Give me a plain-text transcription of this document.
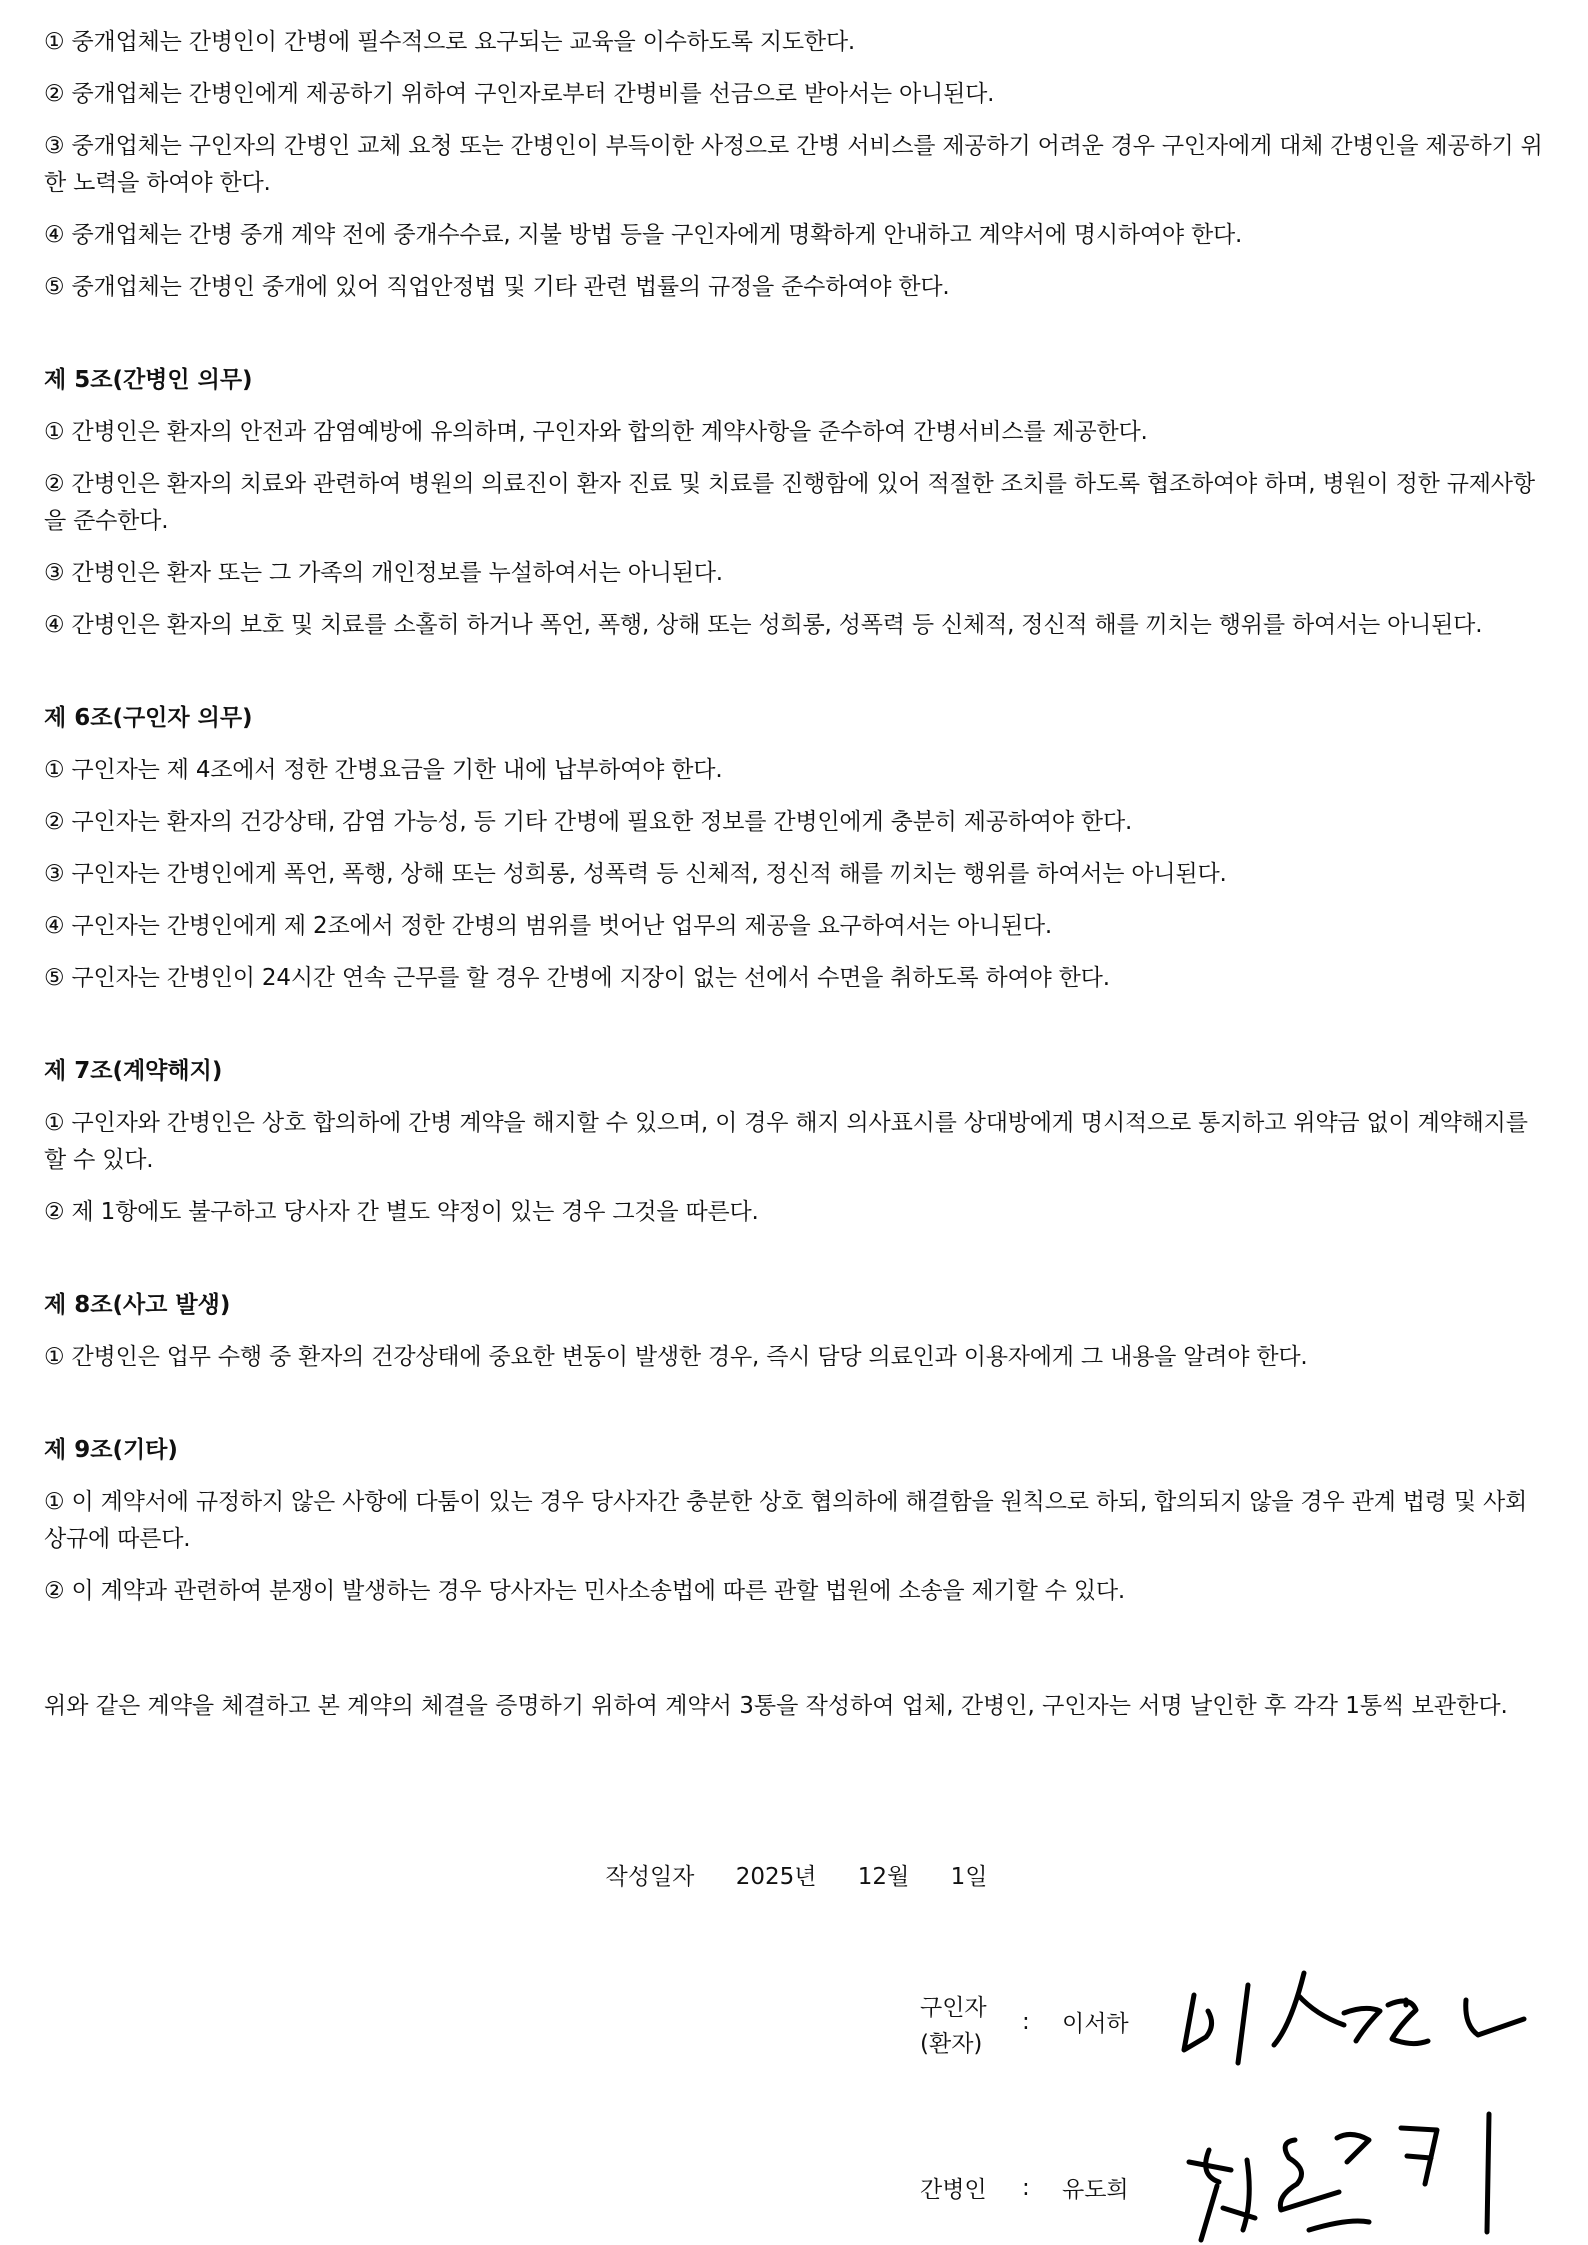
① 중개업체는 간병인이 간병에 필수적으로 요구되는 교육을 이수하도록 지도한다.
② 중개업체는 간병인에게 제공하기 위하여 구인자로부터 간병비를 선금으로 받아서는 아니된다.
③ 중개업체는 구인자의 간병인 교체 요청 또는 간병인이 부득이한 사정으로 간병 서비스를 제공하기 어려운 경우 구인자에게 대체 간병인을 제공하기 위한 노력을 하여야 한다.
④ 중개업체는 간병 중개 계약 전에 중개수수료, 지불 방법 등을 구인자에게 명확하게 안내하고 계약서에 명시하여야 한다.
⑤ 중개업체는 간병인 중개에 있어 직업안정법 및 기타 관련 법률의 규정을 준수하여야 한다.
제 5조(간병인 의무)
① 간병인은 환자의 안전과 감염예방에 유의하며, 구인자와 합의한 계약사항을 준수하여 간병서비스를 제공한다.
② 간병인은 환자의 치료와 관련하여 병원의 의료진이 환자 진료 및 치료를 진행함에 있어 적절한 조치를 하도록 협조하여야 하며, 병원이 정한 규제사항을 준수한다.
③ 간병인은 환자 또는 그 가족의 개인정보를 누설하여서는 아니된다.
④ 간병인은 환자의 보호 및 치료를 소홀히 하거나 폭언, 폭행, 상해 또는 성희롱, 성폭력 등 신체적, 정신적 해를 끼치는 행위를 하여서는 아니된다.
제 6조(구인자 의무)
① 구인자는 제 4조에서 정한 간병요금을 기한 내에 납부하여야 한다.
② 구인자는 환자의 건강상태, 감염 가능성, 등 기타 간병에 필요한 정보를 간병인에게 충분히 제공하여야 한다.
③ 구인자는 간병인에게 폭언, 폭행, 상해 또는 성희롱, 성폭력 등 신체적, 정신적 해를 끼치는 행위를 하여서는 아니된다.
④ 구인자는 간병인에게 제 2조에서 정한 간병의 범위를 벗어난 업무의 제공을 요구하여서는 아니된다.
⑤ 구인자는 간병인이 24시간 연속 근무를 할 경우 간병에 지장이 없는 선에서 수면을 취하도록 하여야 한다.
제 7조(계약해지)
① 구인자와 간병인은 상호 합의하에 간병 계약을 해지할 수 있으며, 이 경우 해지 의사표시를 상대방에게 명시적으로 통지하고 위약금 없이 계약해지를 할 수 있다.
② 제 1항에도 불구하고 당사자 간 별도 약정이 있는 경우 그것을 따른다.
제 8조(사고 발생)
① 간병인은 업무 수행 중 환자의 건강상태에 중요한 변동이 발생한 경우, 즉시 담당 의료인과 이용자에게 그 내용을 알려야 한다.
제 9조(기타)
① 이 계약서에 규정하지 않은 사항에 다툼이 있는 경우 당사자간 충분한 상호 협의하에 해결함을 원칙으로 하되, 합의되지 않을 경우 관계 법령 및 사회상규에 따른다.
② 이 계약과 관련하여 분쟁이 발생하는 경우 당사자는 민사소송법에 따른 관할 법원에 소송을 제기할 수 있다.
위와 같은 계약을 체결하고 본 계약의 체결을 증명하기 위하여 계약서 3통을 작성하여 업체, 간병인, 구인자는 서명 날인한 후 각각 1통씩 보관한다.
작성일자 2025년 12월 1일
구인자
(환자)
: 이서하
간병인 : 유도희
